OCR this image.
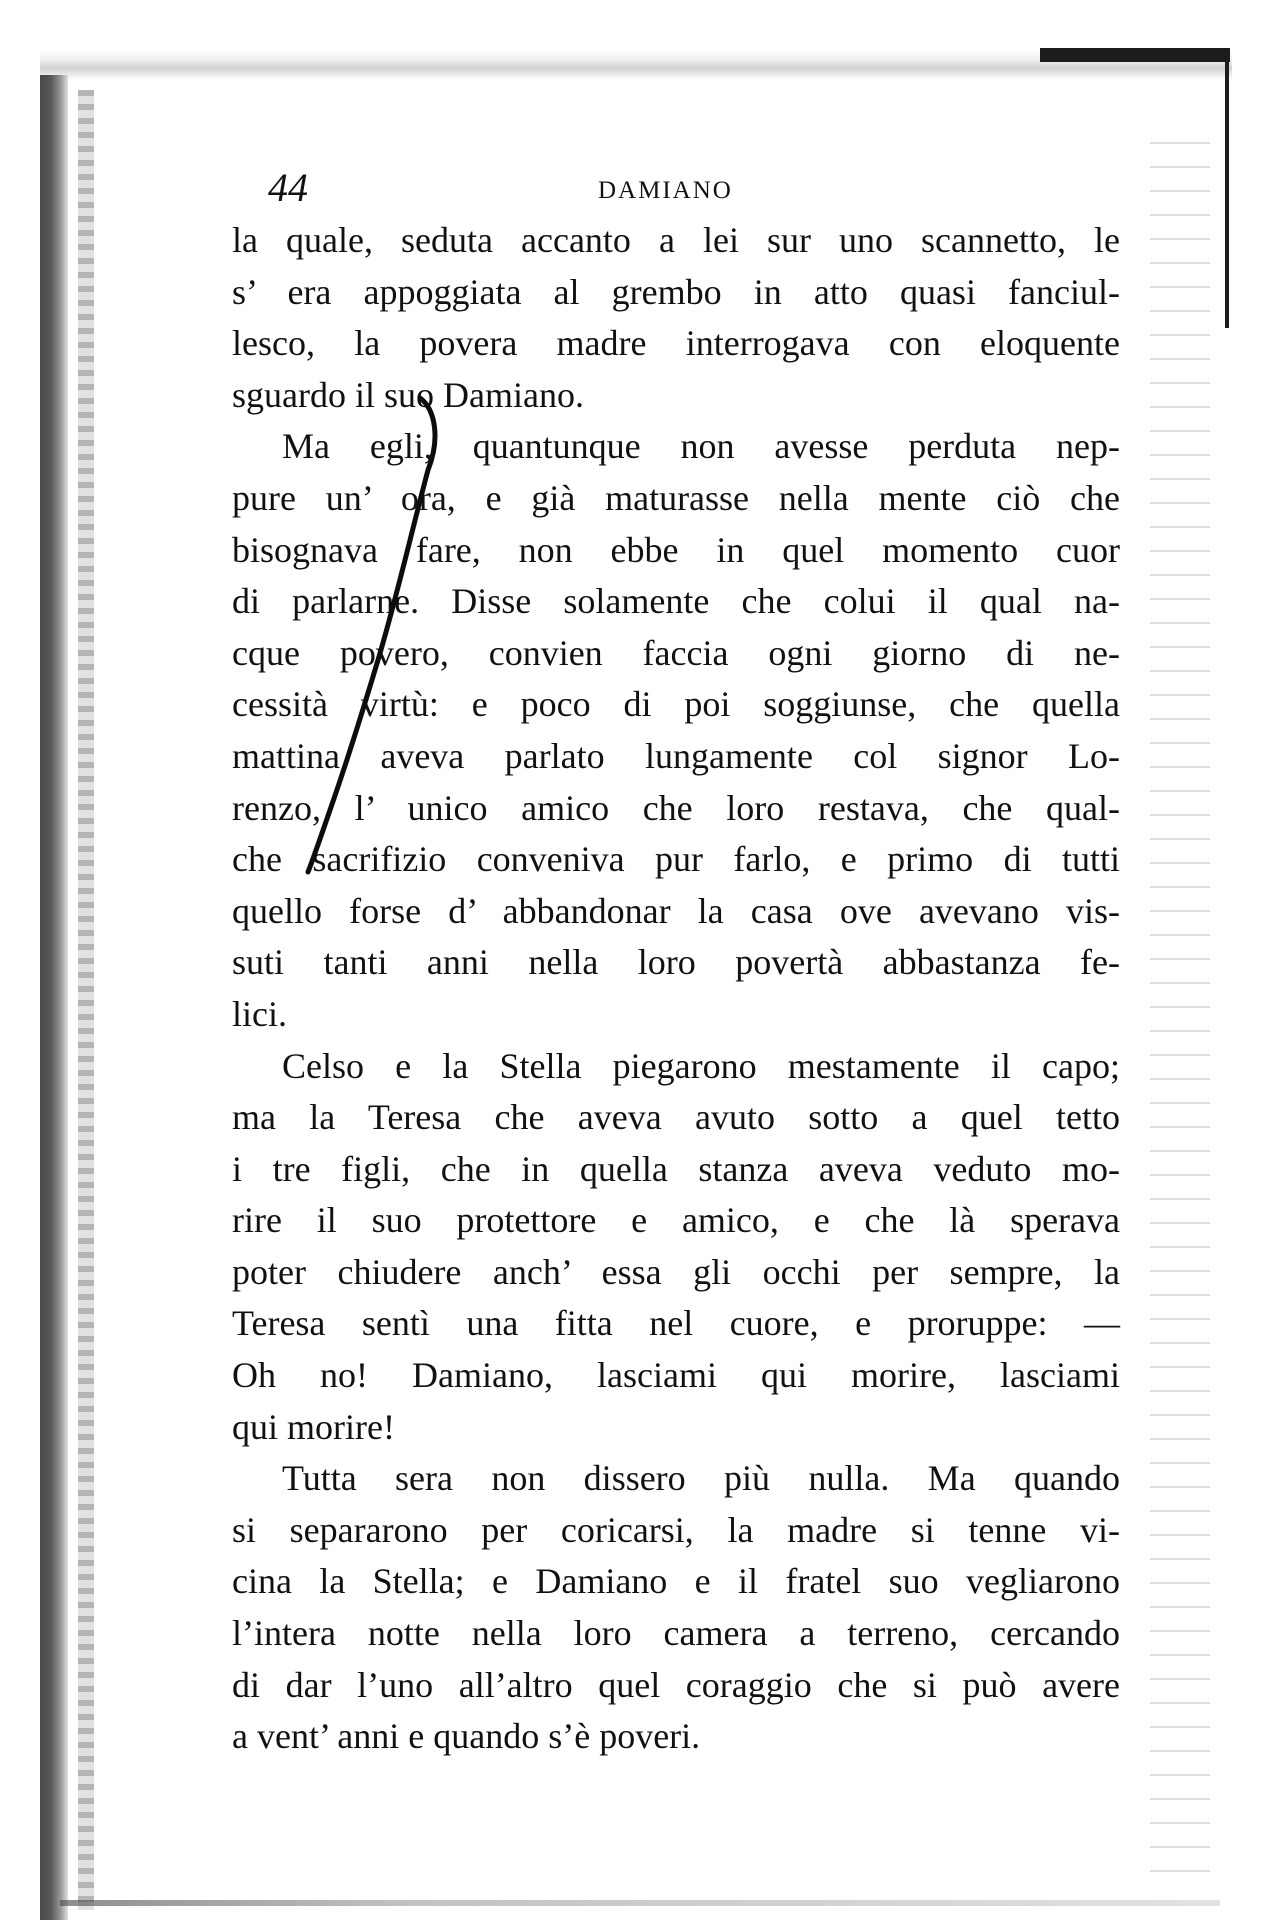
44	DAMIANO
la quale, seduta accanto a lei sur uno scannetto, le
s’ era appoggiata al grembo in atto quasi fanciul-
lesco, la povera madre interrogava con eloquente
sguardo il suo Damiano.
Ma egli, quantunque non avesse perduta nep-
pure un’ ora, e già maturasse nella mente ciò che
bisognava fare, non ebbe in quel momento cuor
di parlarne. Disse solamente che colui il qual na-
cque povero, convien faccia ogni giorno di ne-
cessità virtù: e poco di poi soggiunse, che quella
mattina aveva parlato lungamente col signor Lo-
renzo, l’ unico amico che loro restava, che qual-
che sacrifizio conveniva pur farlo, e primo di tutti
quello forse d’ abbandonar la casa ove avevano vis-
suti tanti anni nella loro povertà abbastanza fe-
lici.
Celso e la Stella piegarono mestamente il capo;
ma la Teresa che aveva avuto sotto a quel tetto
i tre figli, che in quella stanza aveva veduto mo-
rire il suo protettore e amico, e che là sperava
poter chiudere anch’ essa gli occhi per sempre, la
Teresa sentì una fitta nel cuore, e proruppe: —
Oh no! Damiano, lasciami qui morire, lasciami
qui morire!
Tutta sera non dissero più nulla. Ma quando
si separarono per coricarsi, la madre si tenne vi-
cina la Stella; e Damiano e il fratel suo vegliarono
l’intera notte nella loro camera a terreno, cercando
di dar l’uno all’altro quel coraggio che si può avere
a vent’ anni e quando s’è poveri.
